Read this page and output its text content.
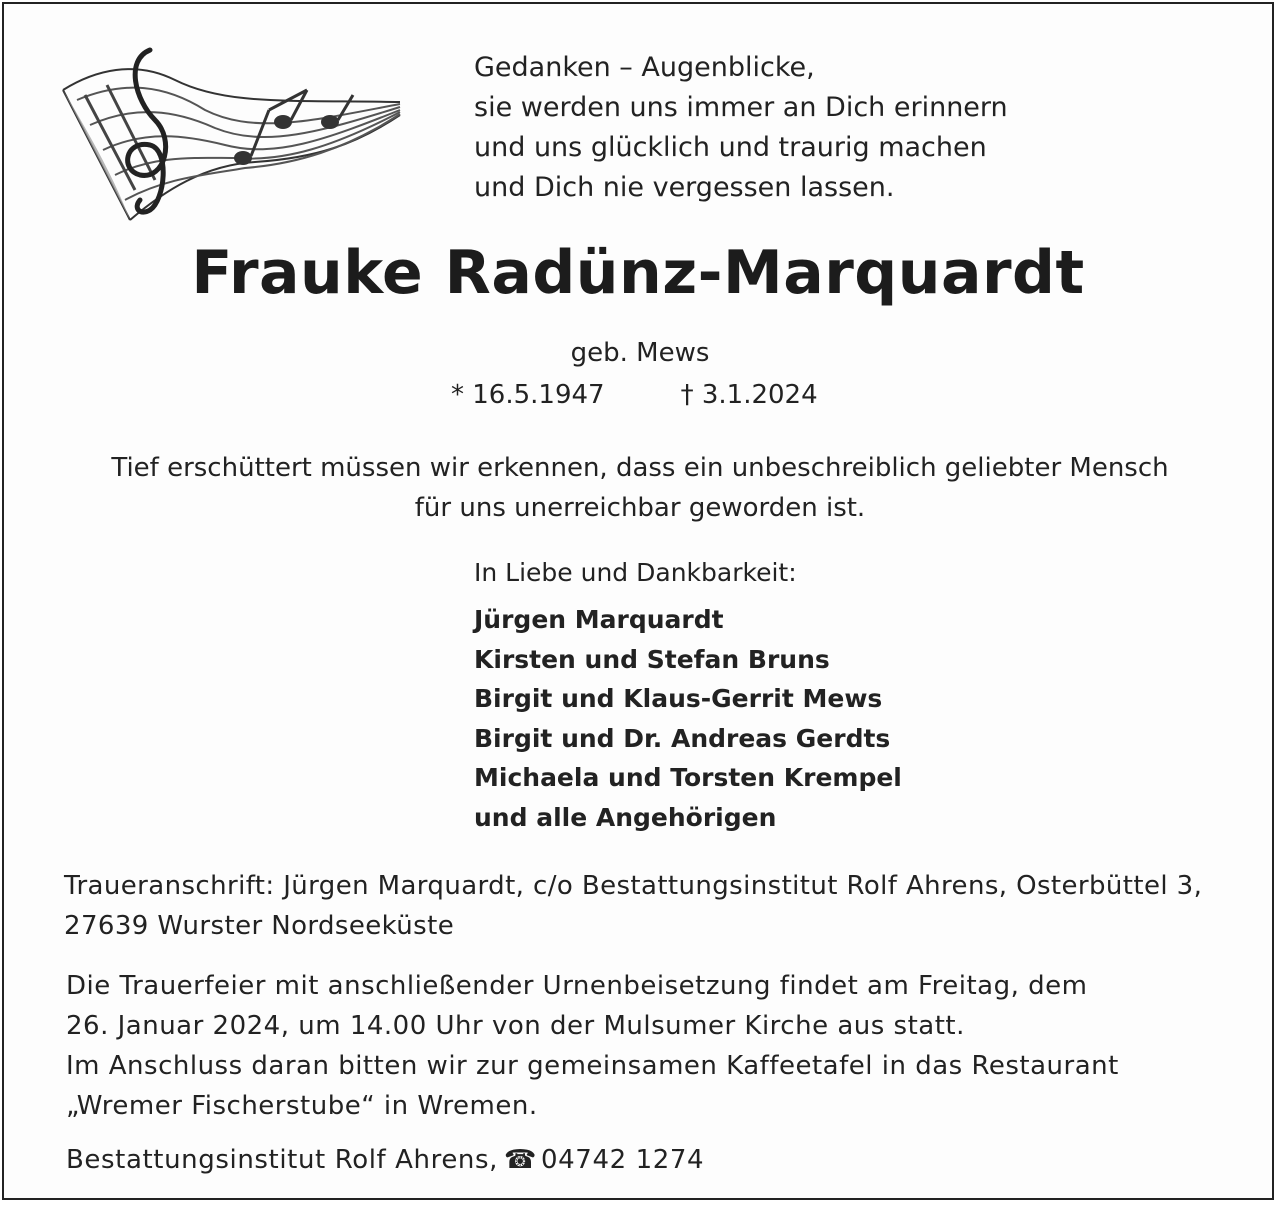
Gedanken – Augenblicke,
sie werden uns immer an Dich erinnern
und uns glücklich und traurig machen
und Dich nie vergessen lassen.
Frauke Radünz-Marquardt
geb. Mews
* 16.5.1947	† 3.1.2024
Tief erschüttert müssen wir erkennen, dass ein unbeschreiblich geliebter Mensch
für uns unerreichbar geworden ist.
In Liebe und Dankbarkeit:
Jürgen Marquardt
Kirsten und Stefan Bruns
Birgit und Klaus-Gerrit Mews
Birgit und Dr. Andreas Gerdts
Michaela und Torsten Krempel
und alle Angehörigen
Traueranschrift: Jürgen Marquardt, c/o Bestattungsinstitut Rolf Ahrens, Osterbüttel 3,
27639 Wurster Nordseeküste
Die Trauerfeier mit anschließender Urnenbeisetzung findet am Freitag, dem
26. Januar 2024, um 14.00 Uhr von der Mulsumer Kirche aus statt.
Im Anschluss daran bitten wir zur gemeinsamen Kaffeetafel in das Restaurant
„Wremer Fischerstube“ in Wremen.
Bestattungsinstitut Rolf Ahrens, ☎ 04742 1274
